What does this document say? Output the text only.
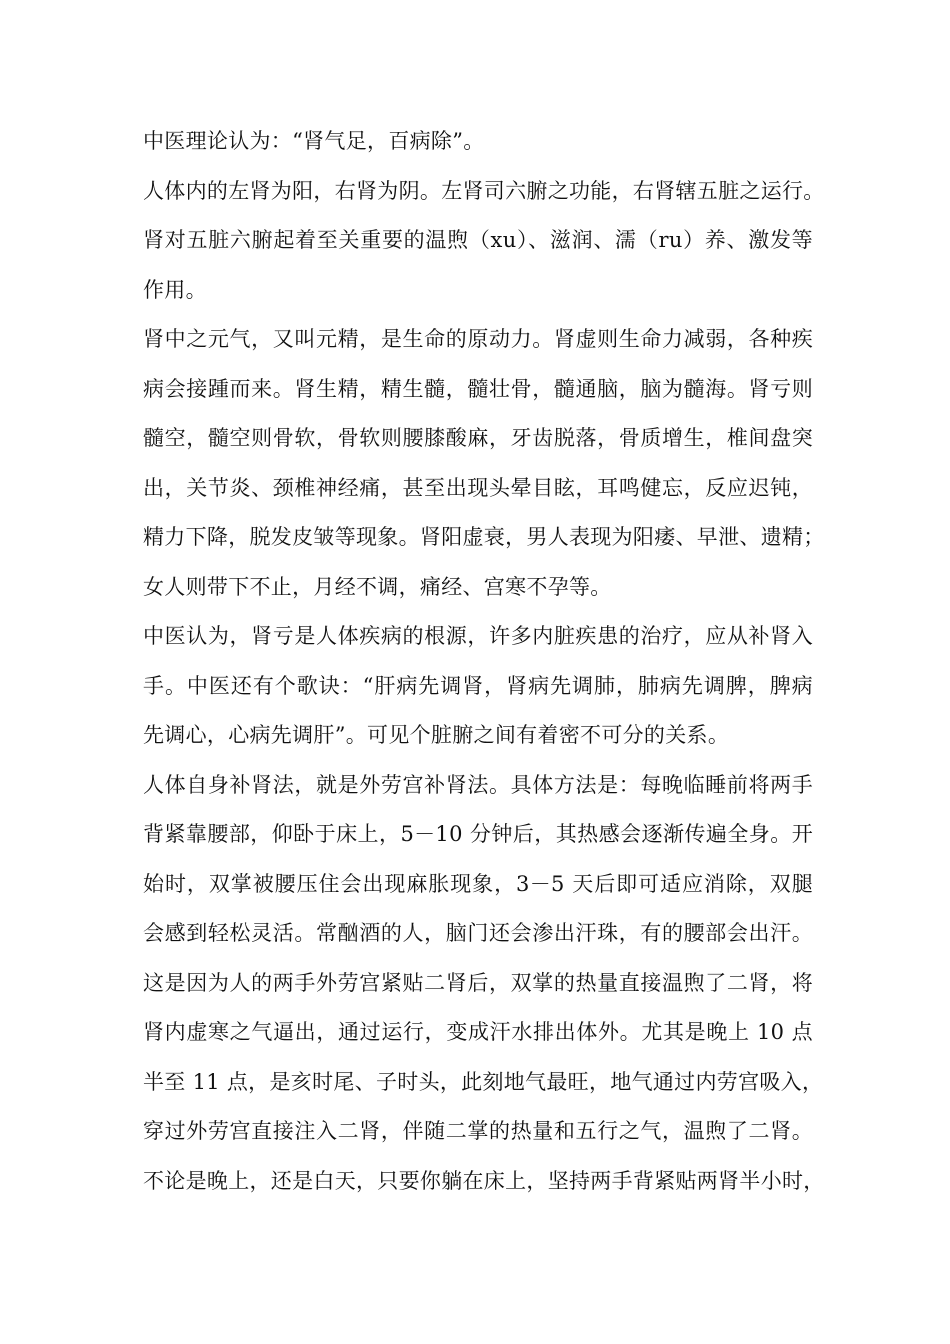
中医理论认为：“肾气足，百病除”。
人体内的左肾为阳，右肾为阴。左肾司六腑之功能，右肾辖五脏之运行。
肾对五脏六腑起着至关重要的温煦（xu）、滋润、濡（ru）养、激发等
作用。
肾中之元气，又叫元精，是生命的原动力。肾虚则生命力减弱，各种疾
病会接踵而来。肾生精，精生髓，髓壮骨，髓通脑，脑为髓海。肾亏则
髓空，髓空则骨软，骨软则腰膝酸麻，牙齿脱落，骨质增生，椎间盘突
出，关节炎、颈椎神经痛，甚至出现头晕目眩，耳鸣健忘，反应迟钝，
精力下降，脱发皮皱等现象。肾阳虚衰，男人表现为阳痿、早泄、遗精；
女人则带下不止，月经不调，痛经、宫寒不孕等。
中医认为，肾亏是人体疾病的根源，许多内脏疾患的治疗，应从补肾入
手。中医还有个歌诀：“肝病先调肾，肾病先调肺，肺病先调脾，脾病
先调心，心病先调肝”。可见个脏腑之间有着密不可分的关系。
人体自身补肾法，就是外劳宫补肾法。具体方法是：每晚临睡前将两手
背紧靠腰部，仰卧于床上，5－10 分钟后，其热感会逐渐传遍全身。开
始时，双掌被腰压住会出现麻胀现象，3－5 天后即可适应消除，双腿
会感到轻松灵活。常酗酒的人，脑门还会渗出汗珠，有的腰部会出汗。
这是因为人的两手外劳宫紧贴二肾后，双掌的热量直接温煦了二肾，将
肾内虚寒之气逼出，通过运行，变成汗水排出体外。尤其是晚上 10 点
半至 11 点，是亥时尾、子时头，此刻地气最旺，地气通过内劳宫吸入，
穿过外劳宫直接注入二肾，伴随二掌的热量和五行之气，温煦了二肾。
不论是晚上，还是白天，只要你躺在床上，坚持两手背紧贴两肾半小时，
